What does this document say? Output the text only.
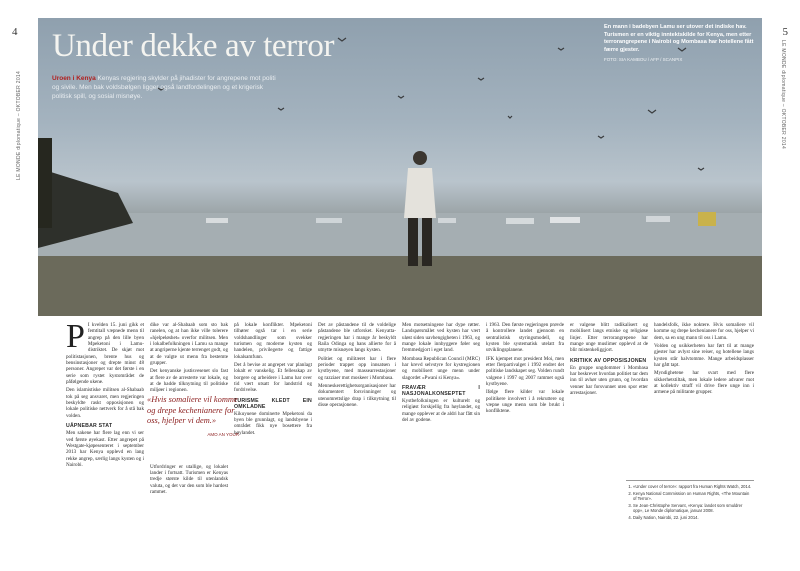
4	5
LE MONDE diplomatique – OKTOBER 2014	LE MONDE diplomatique – OKTOBER 2014
Under dekke av terror
Uroen i Kenya Kenyas regjering skylder på jihadister for angrepene mot politi og sivile. Men bak voldsbølgen ligger også landfordelingen og et krigerisk politisk spill, og sosial misnøye.
En mann i badebyen Lamu ser utover det indiske hav. Turismen er en viktig inntektskilde for Kenya, men etter terrorangrepene i Nairobi og Mombasa har hotellene fått færre gjester.
FOTO: SIA KAMBOU / AFP / SCANPIX

P I kvelden 15. juni gikk et femtitall væpnede menn til angrep på den lille byen Mpeketoni i Lamu-distriktet. De skjøt mot politistasjonen, brente hus og bensinstasjoner og drepte minst 48 personer. Angrepet var det første i en serie som rystet kystområdet de påfølgende ukene.

Den islamistiske militsen al-Shabaab tok på seg ansvaret, men regjeringen beskyldte raskt opposisjonen og lokale politiske nettverk for å stå bak volden.

UÅPNEBAR STAT

Men sakene har flere lag enn vi ser ved første øyekast. Etter angrepet på Westgate-kjøpesenteret i september 2013 har Kenya opplevd en lang rekke angrep, særlig langs kysten og i Nairobi.

dike var al-Shabaab som sto bak ranelen, og at han ikke ville tolerere «hjelpeløshet» overfor militsen. Men i lokalbefolkningen i Lamu sa mange at angriperne kjente terrenget godt, og at de valgte ut menn fra bestemte grupper.

Det kenyanske justisvesenet slo fast at flere av de arresterte var lokale, og at de hadde tilknytning til politiske miljøer i regionen.

Utfordringer er utallige, og lokalet lander i fortsatt. Turismen er Kenyas tredje største kilde til utenlandsk valuta, og det var den som ble hardest rammet.

på lokale konflikter. Mpeketoni tilhører også tar i en serie voldshandlinger som svekker turismen og moderne kysten og handelen, privilegerte og fattige lokalsamfunn.

Det å bevise at angrepet var planlagt lokalt er vanskelig. Et fellesskap av borgere og arbeidere i Lamu har over tid vært utsatt for landstrid og fordrivelse.

TURISME KLEDT EIN OMKLADNE

Kikuyuene dominerte Mpeketoni da byen ble grunnlagt, og landsbyene i området fikk nye bosettere fra høylandet.

Det av påstandene til de voldelige påstandene ble utforsket. Kenyatta-regjeringen har i mange år beskyldt Raila Odinga og hans allierte for å utnytte misnøyen langs kysten.

Politiet og militæret har i flere perioder trappet opp innsatsen i kystbyene, med massearrestasjoner og razziaer mot moskeer i Mombasa.

Menneskerettighetsorganisasjoner har dokumentert forsvinninger og utenomrettslige drap i tilknytning til disse operasjonene.

Men motsetningene har dype røtter. Landspørsmålet ved kysten har vært uløst siden uavhengigheten i 1963, og mange lokale innbyggere føler seg fremmedgjort i eget land.

Mombasa Republican Council (MRC) har krevd selvstyre for kystregionen og mobilisert unge menn under slagordet «Pwani si Kenya».

FRAVÆR I NASJONALKONSEPTET

Kystbefolkningen er kulturelt og religiøst forskjellig fra høylandet, og mange opplever at de aldri har fått sin del av godene.

i 1963. Den første regjeringen prøvde å kontrollere landet gjennom en sentralistisk styringsmodell, og kysten ble systematisk utelatt fra utviklingsplanene.

IFK kjempet mot president Moi, men etter flerpartivalget i 1992 endret det politiske landskapet seg. Volden rundt valgene i 1997 og 2007 rammet også kystbyene.

Ifølge flere kilder var lokale politikere involvert i å rekruttere og væpne unge menn som ble brukt i konfliktene.

er valgene blitt radikalisert og mobilisert langs etniske og religiøse linjer. Etter terrorangrepene har mange unge muslimer opplevd at de blir mistenkeliggjort.

KRITIKK AV OPPOSISJONEN

En gruppe ungdommer i Mombasa har beskrevet hvordan politiet tar dem inn til avhør uten grunn, og hvordan venner har forsvunnet uten spor etter arrestasjoner.

handelsfolk, ikke noktere. Hvis somaliere vil komme og drepe kechenianere for oss, hjelper vi dem, sa en ung mann til oss i Lamu.

Volden og usikkerheten har ført til at mange gjester har avlyst sine reiser, og hotellene langs kysten står halvtomme. Mange arbeidsplasser har gått tapt.

Myndighetene har svart med flere sikkerhetstiltak, men lokale ledere advarer mot at kollektiv straff vil drive flere unge inn i armene på militante grupper.

«Hvis somaliere vil komme og drepe kechenianere for oss, hjelper vi dem.»
AMO AN YOUR
1. «Under cover of terror»: rapport fra Human Rights Watch, 2014.
2. Kenya National Commission on Human Rights, «The Mountain of Terror».
3. Se Jean-Christophe Servant, «Kenya: landet som smuldrer opp», Le Monde diplomatique, januar 2008.
4. Daily Nation, Nairobi, 22. juni 2014.
